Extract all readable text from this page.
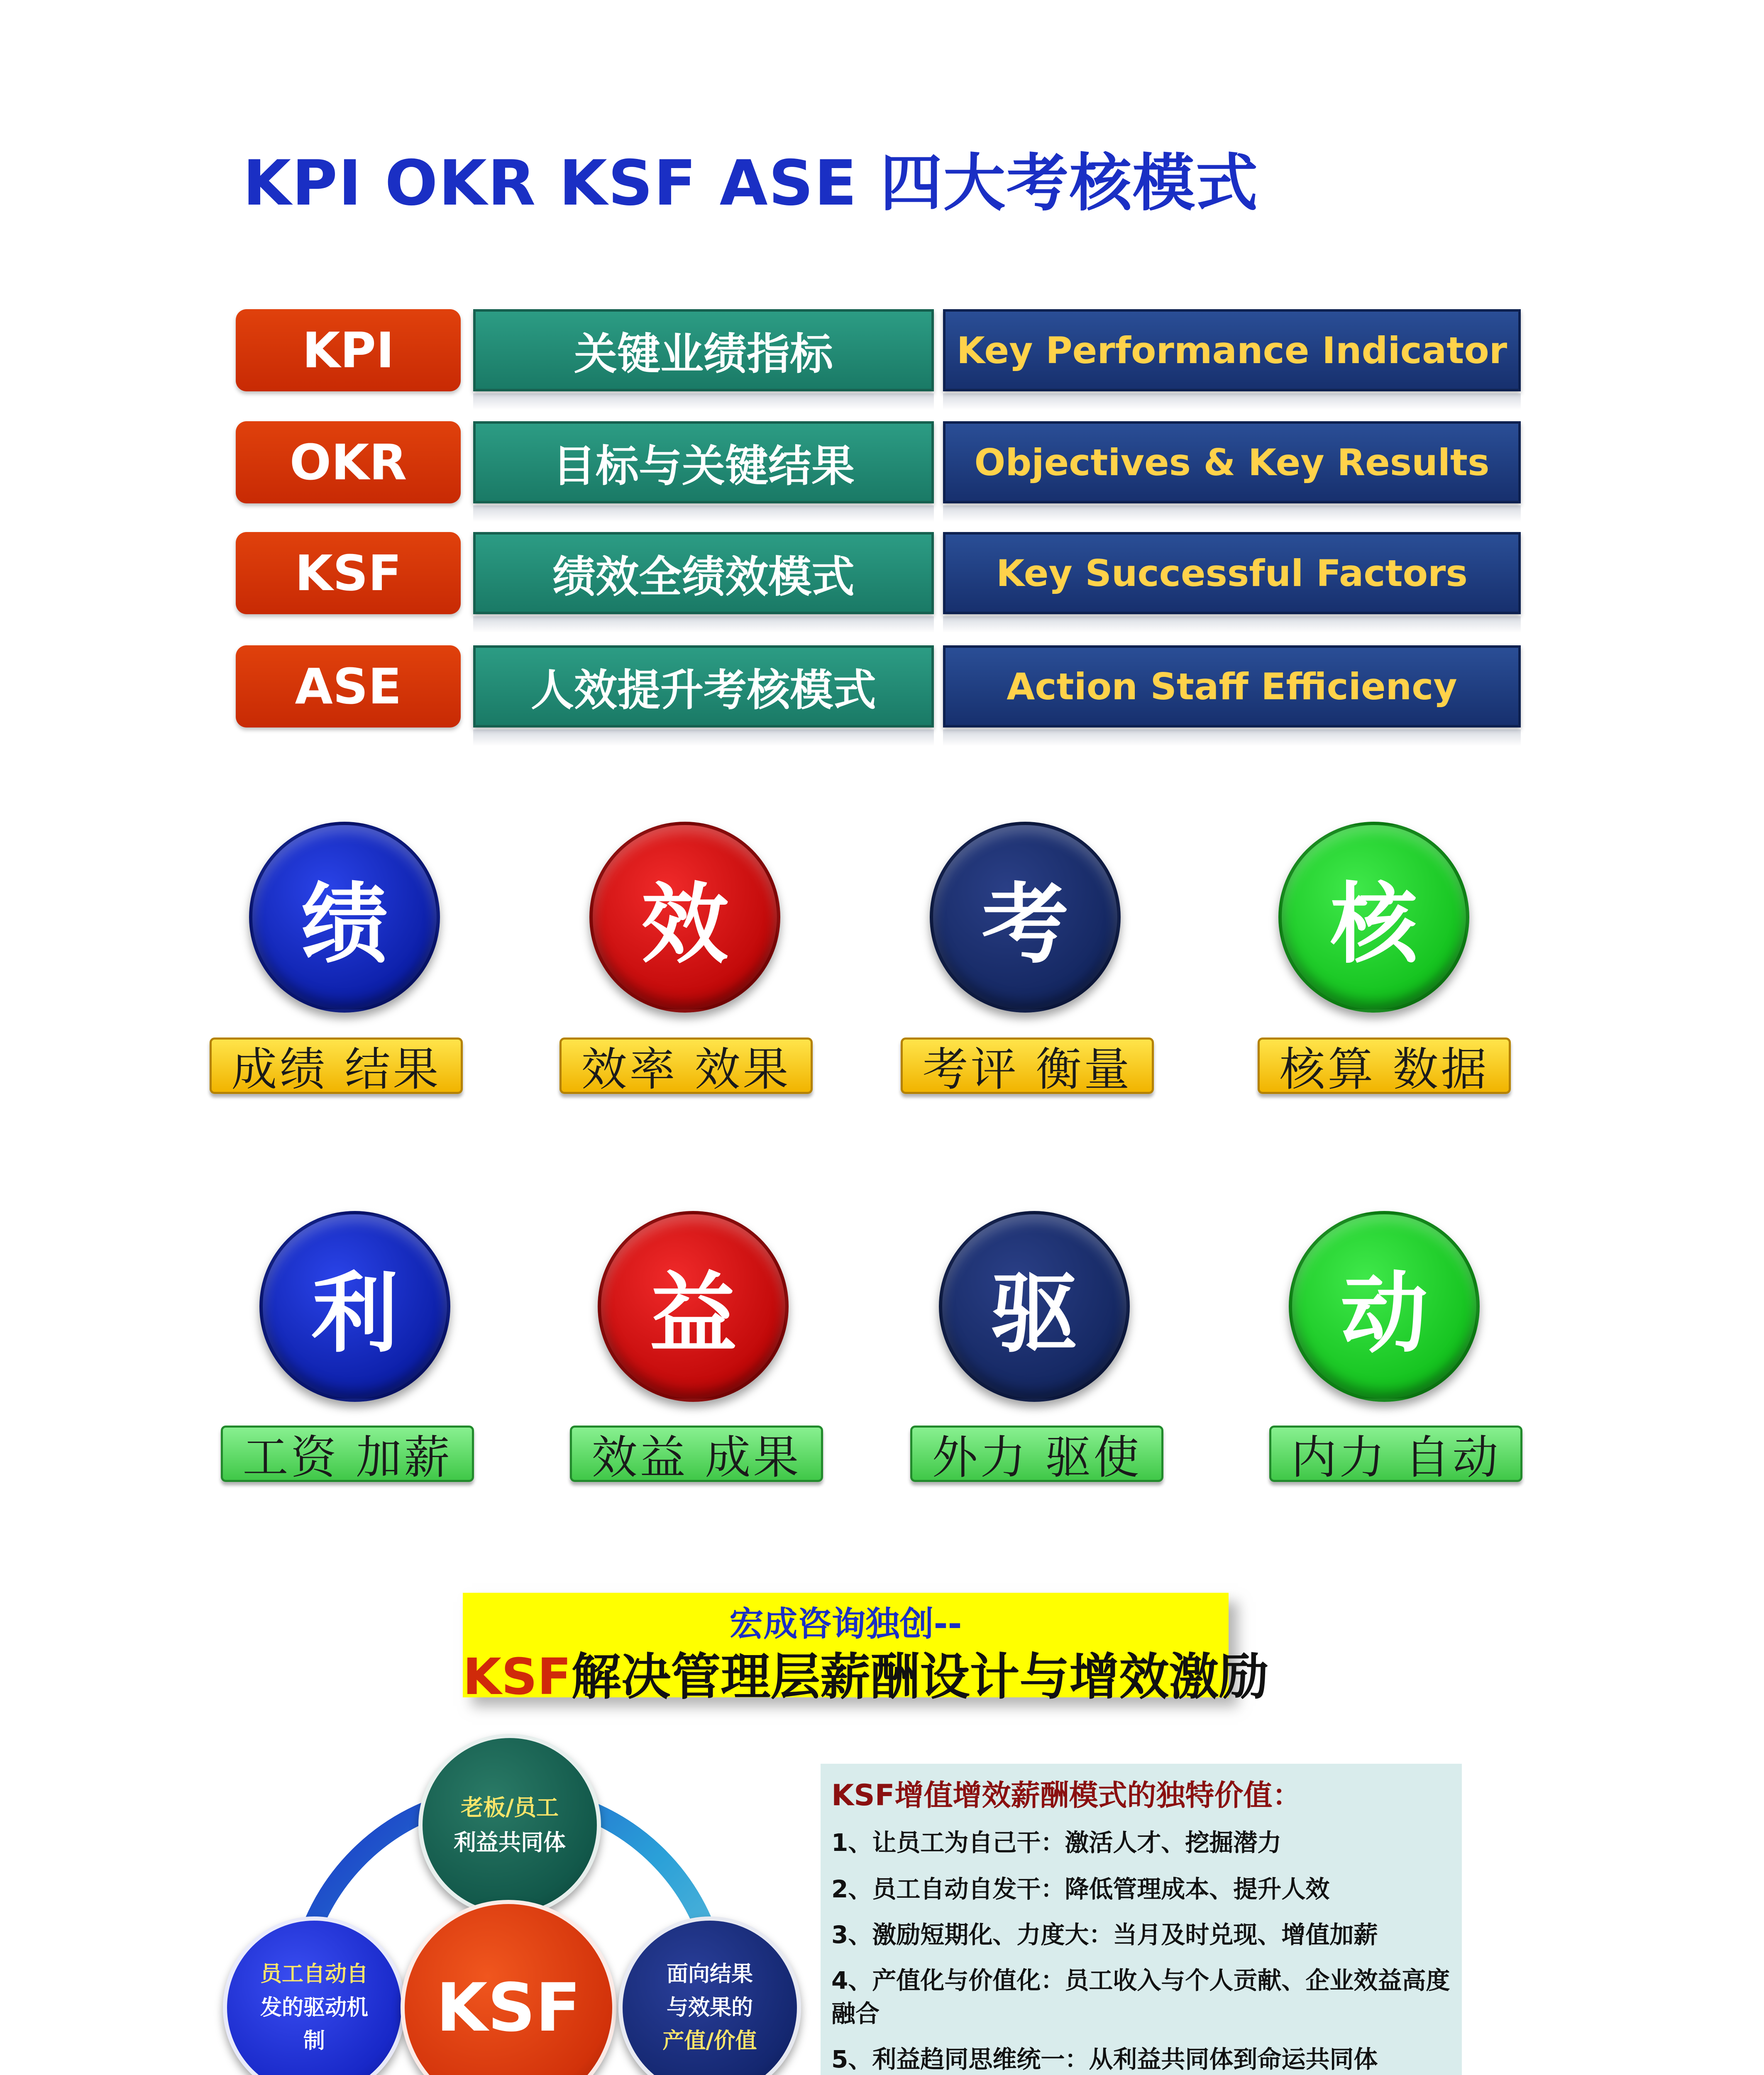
KPI OKR KSF ASE 四大考核模式
KPI	关键业绩指标	Key Performance Indicator
OKR	目标与关键结果	Objectives & Key Results
KSF	绩效全绩效模式	Key Successful Factors
ASE	人效提升考核模式	Action Staff Efficiency
绩	效	考	核
成绩 结果	效率 效果	考评 衡量	核算 数据
利	益	驱	动
工资 加薪	效益 成果	外力 驱使	内力 自动
宏成咨询独创--
KSF解决管理层薪酬设计与增效激励
老板/员工
利益共同体
员工自动自
发的驱动机
制	KSF	面向结果
与效果的
产值/价值
KSF增值增效薪酬模式的独特价值：
1、让员工为自己干：激活人才、挖掘潜力
2、员工自动自发干：降低管理成本、提升人效
3、激励短期化、力度大：当月及时兑现、增值加薪
4、产值化与价值化：员工收入与个人贡献、企业效益高度融合
5、利益趋同思维统一：从利益共同体到命运共同体
